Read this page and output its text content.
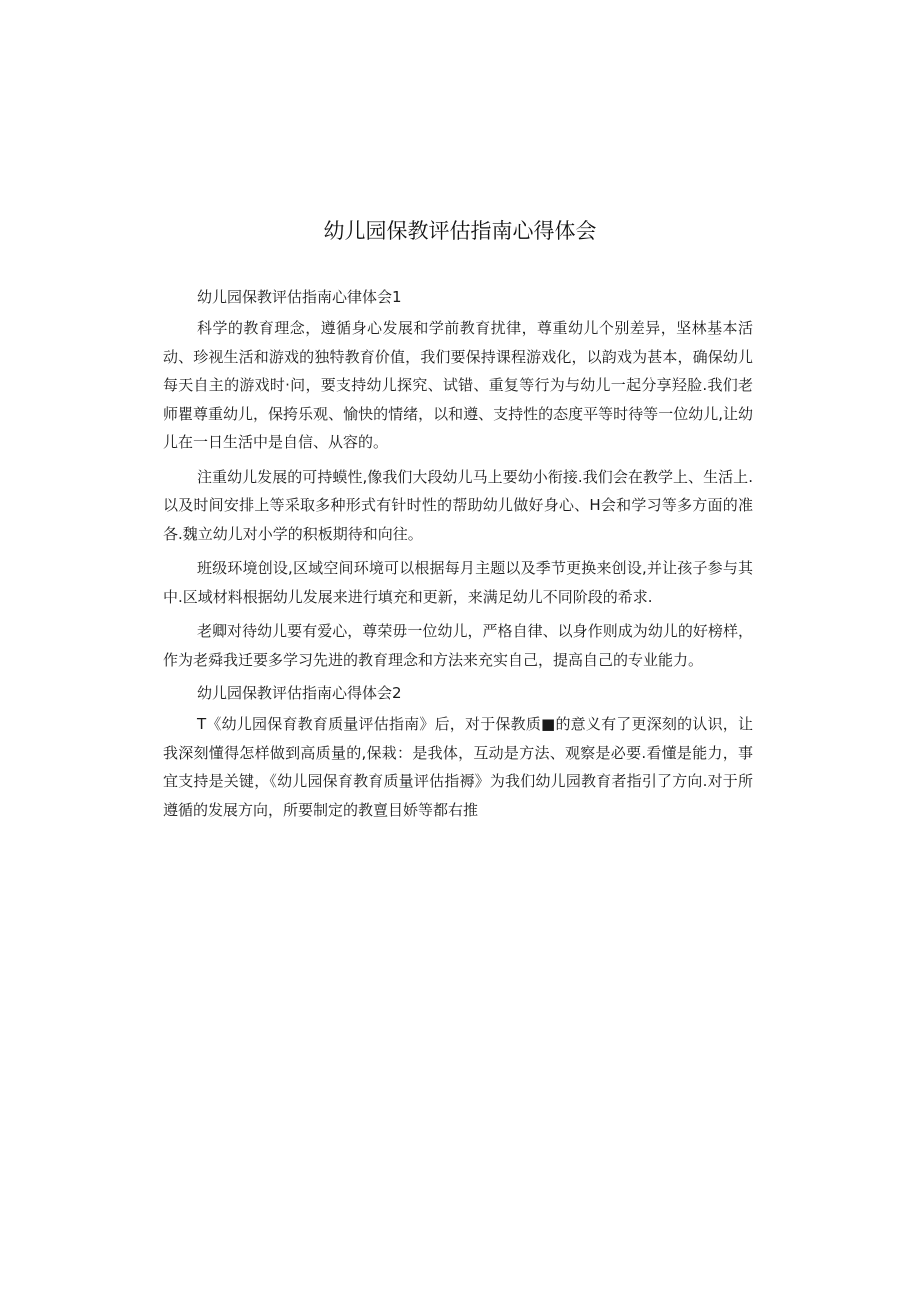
幼儿园保教评估指南心得体会

幼儿园保教评估指南心律体会1

科学的教育理念，遵循身心发展和学前教育扰律，尊重幼儿个别差异，坚林基本活动、珍视生活和游戏的独特教育价值，我们要保持课程游戏化，以韵戏为甚本，确保幼儿每天自主的游戏时·问，要支持幼儿探究、试错、重复等行为与幼儿一起分享羟脸.我们老师瞿尊重幼儿，保挎乐观、愉快的情绪，以和遵、支持性的态度平等时待等一位幼儿,让幼儿在一日生活中是自信、从容的。

注重幼儿发展的可持蟆性,像我们大段幼儿马上要幼小衔接.我们会在教学上、生活上.以及时间安排上等采取多种形式有针时性的帮助幼儿做好身心、H会和学习等多方面的准各.魏立幼儿对小学的积板期待和向往。

班级环境创设,区域空间环境可以根据每月主题以及季节更换来创设,并让孩子参与其中.区域材料根据幼儿发展来进行填充和更新，来满足幼儿不同阶段的希求.

老卿对待幼儿要有爱心，尊荣毋一位幼儿，严格自律、以身作则成为幼儿的好榜样，作为老舜我迁要多学习先进的教育理念和方法来充实自己，提高自己的专业能力。

幼儿园保教评估指南心得体会2

T《幼儿园保育教育质量评估指南》后，对于保教质■的意义有了更深刻的认识，让我深刻懂得怎样做到高质量的,保栽：是我体，互动是方法、观察是必要.看懂是能力，事宜支持是关键，《幼儿园保育教育质量评估指褥》为我们幼儿园教育者指引了方向.对于所遵循的发展方向，所要制定的教亶目娇等都右推
